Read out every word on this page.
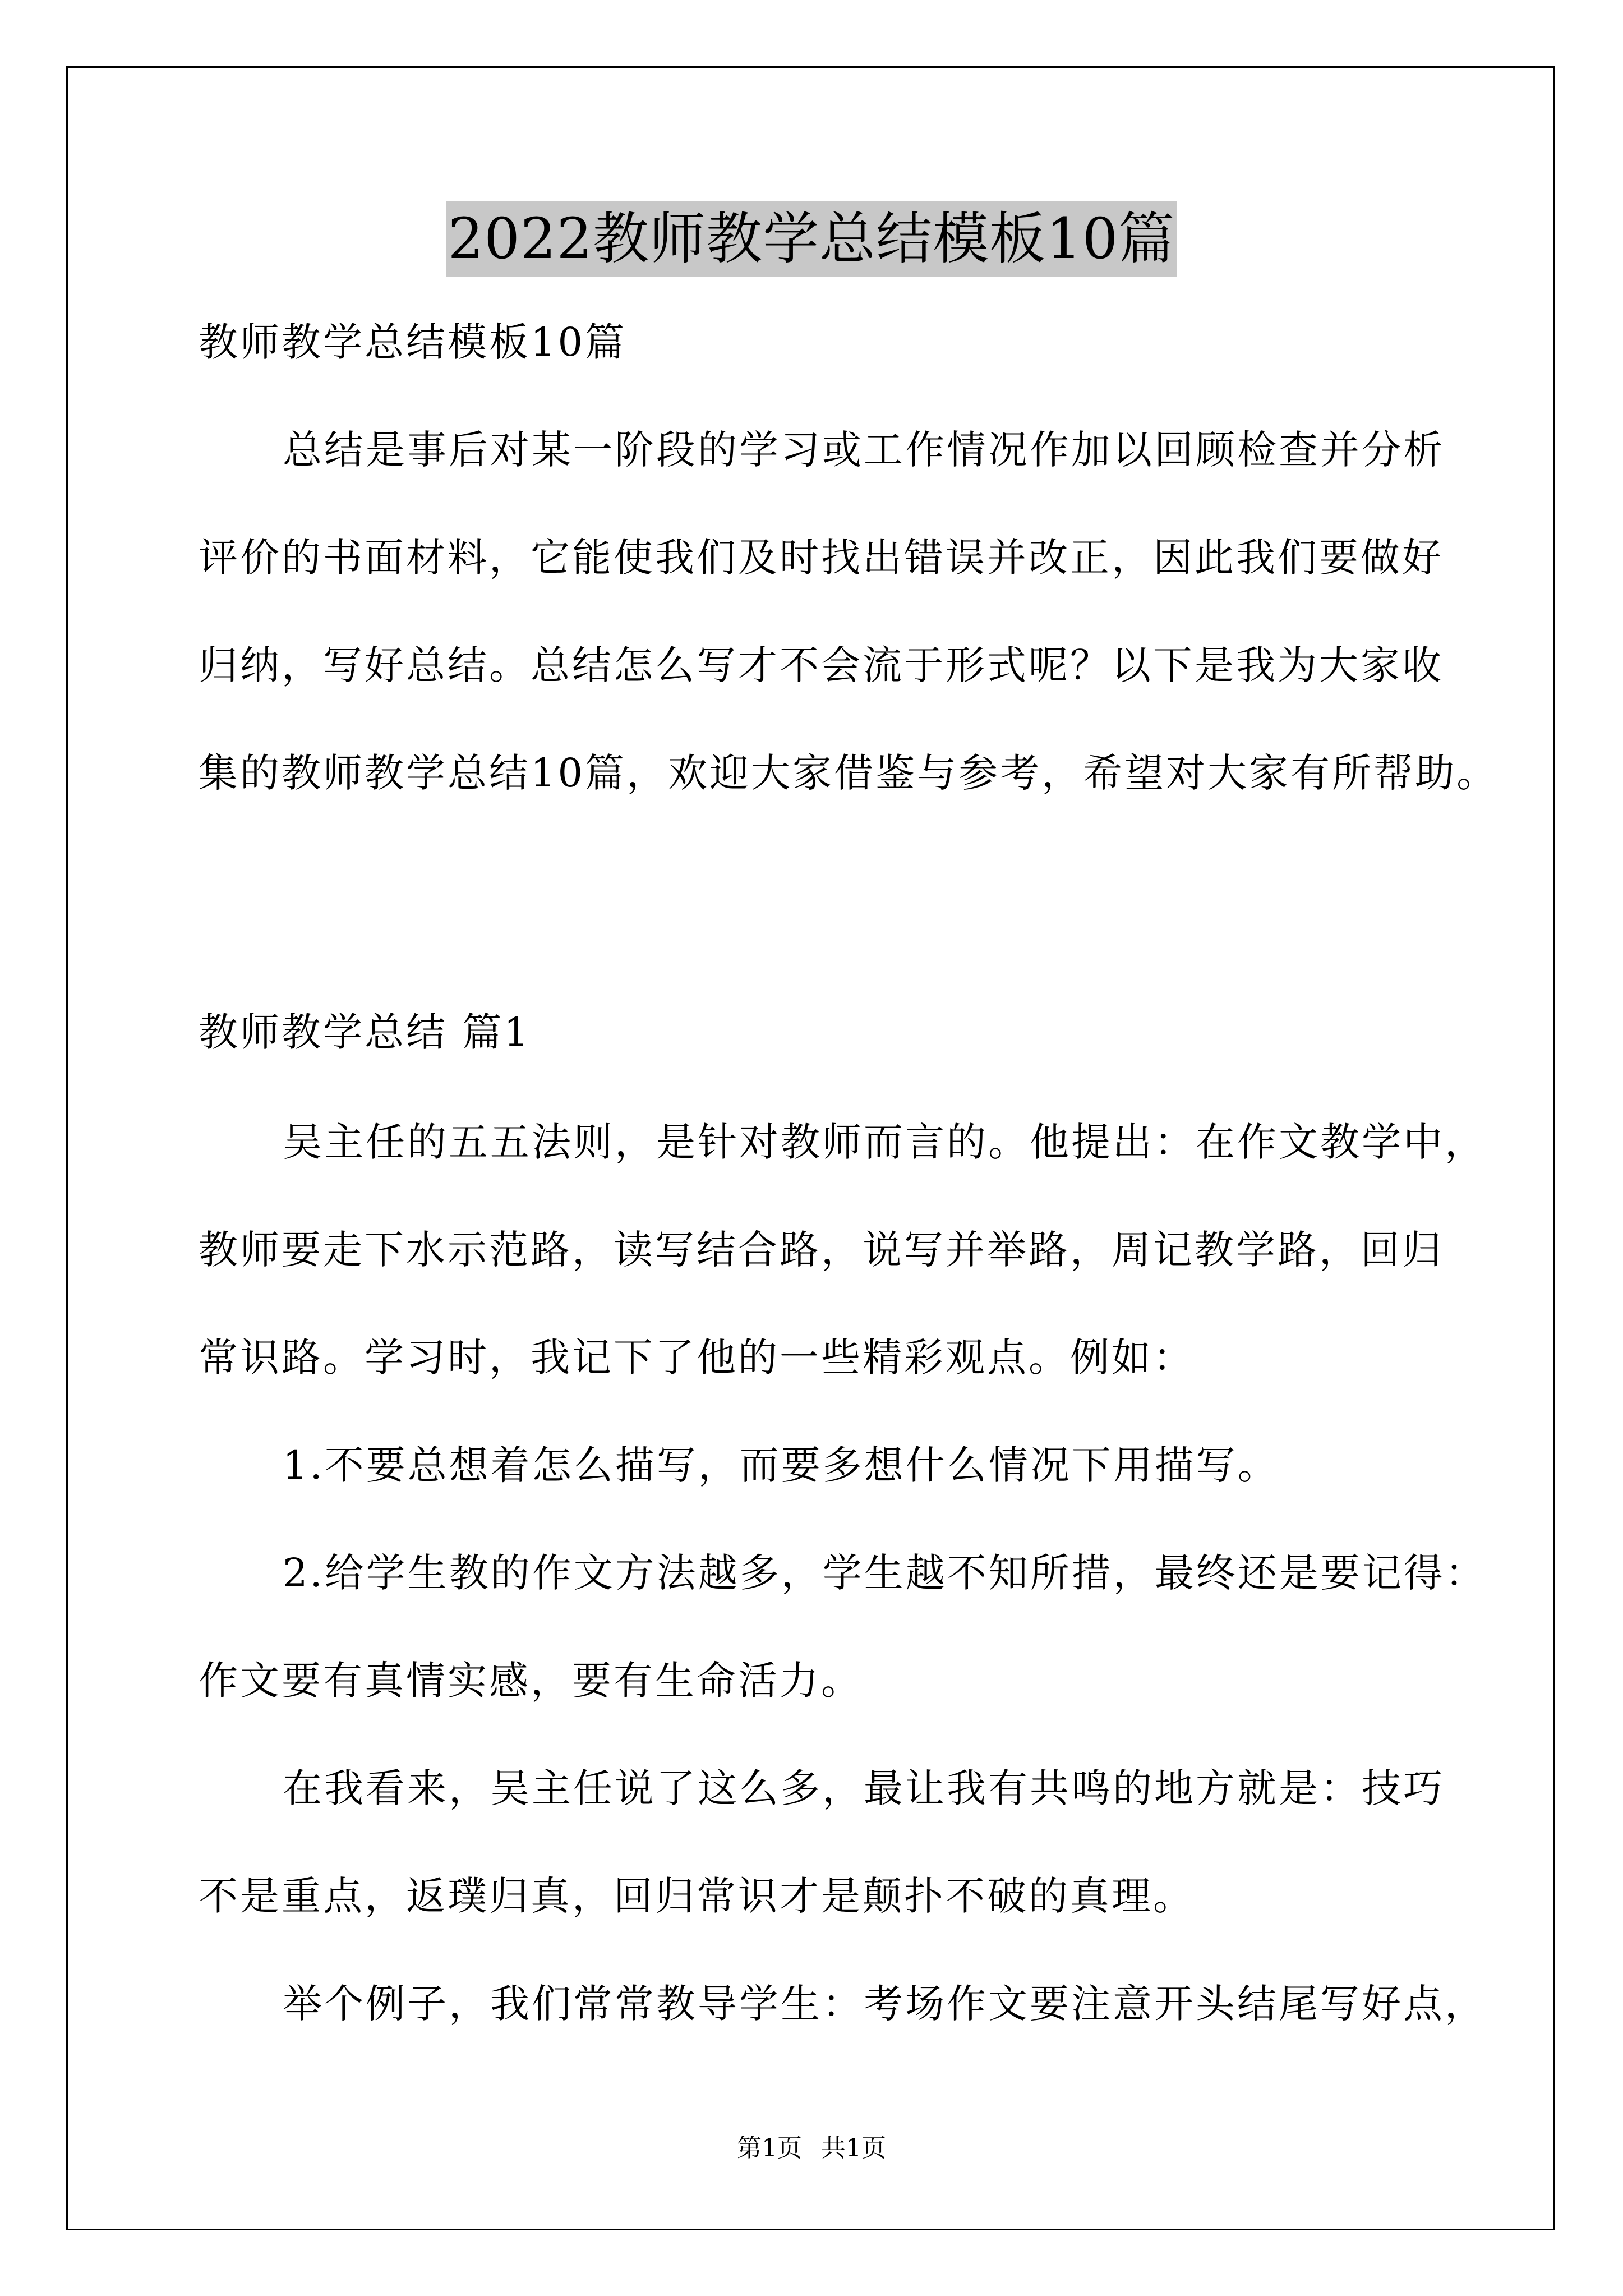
2022教师教学总结模板10篇
教师教学总结模板10篇
总结是事后对某一阶段的学习或工作情况作加以回顾检查并分析
评价的书面材料，它能使我们及时找出错误并改正，因此我们要做好
归纳，写好总结。总结怎么写才不会流于形式呢？以下是我为大家收
集的教师教学总结10篇，欢迎大家借鉴与参考，希望对大家有所帮助。
教师教学总结 篇1
吴主任的五五法则，是针对教师而言的。他提出：在作文教学中，
教师要走下水示范路，读写结合路，说写并举路，周记教学路，回归
常识路。学习时，我记下了他的一些精彩观点。例如：
1.不要总想着怎么描写，而要多想什么情况下用描写。
2.给学生教的作文方法越多，学生越不知所措，最终还是要记得：
作文要有真情实感，要有生命活力。
在我看来，吴主任说了这么多，最让我有共鸣的地方就是：技巧
不是重点，返璞归真，回归常识才是颠扑不破的真理。
举个例子，我们常常教导学生：考场作文要注意开头结尾写好点，
第1页 共1页
